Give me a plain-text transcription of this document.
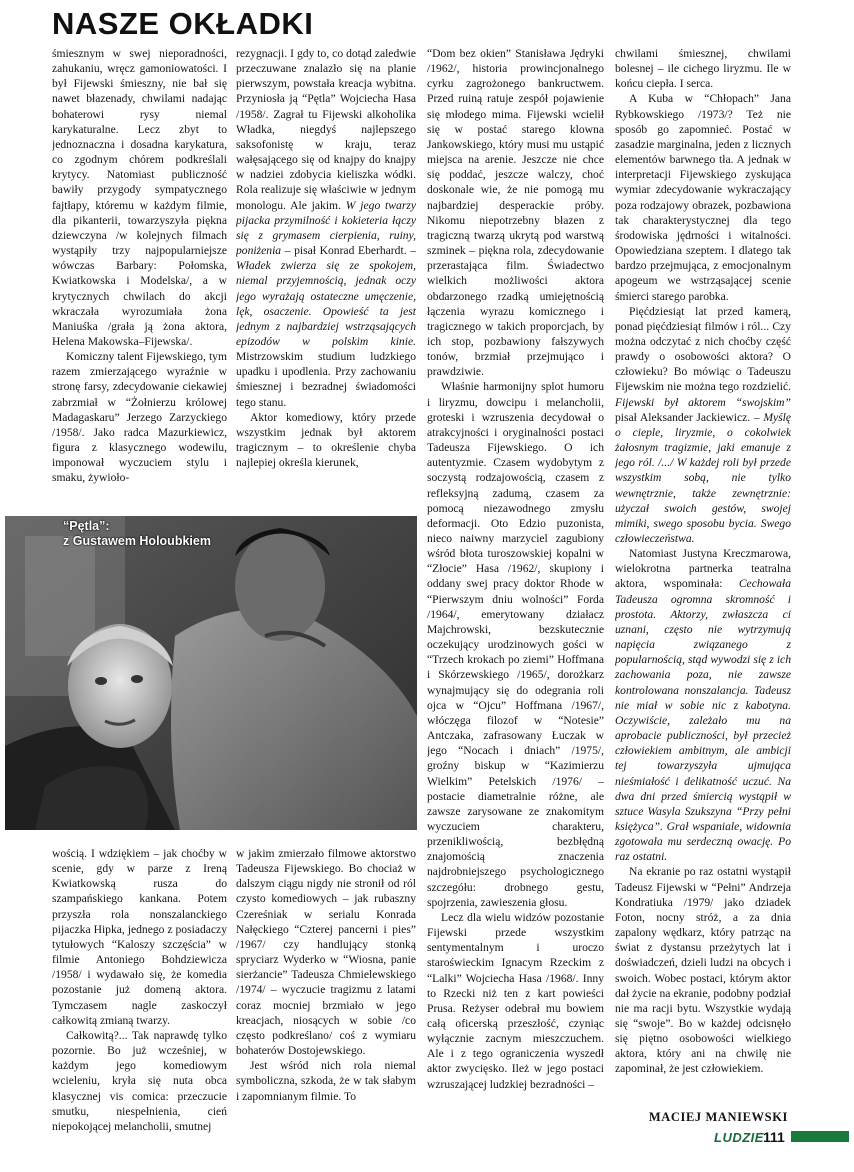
NASZE OKŁADKI

śmiesznym w swej nieporadności, zahukaniu, wręcz gamoniowatości. I był Fijewski śmieszny, nie bał się nawet błazenady, chwilami nadając bohaterowi rysy niemal karykaturalne. Lecz zbyt to jednoznaczna i dosadna karykatura, co zgodnym chórem podkreślali krytycy. Natomiast publiczność bawiły przygody sympatycznego fajtłapy, któremu w każdym filmie, dla pikanterii, towarzyszyła piękna dziewczyna /w kolejnych filmach wystąpiły trzy najpopularniejsze wówczas Barbary: Połomska, Kwiatkowska i Modelska/, a w krytycznych chwilach do akcji wkraczała wyrozumiała żona Maniuśka /grała ją żona aktora, Helena Makowska–Fijewska/.

Komiczny talent Fijewskiego, tym razem zmierzającego wyraźnie w stronę farsy, zdecydowanie ciekawiej zabrzmiał w “Żołnierzu królowej Madagaskaru” Jerzego Zarzyckiego /1958/. Jako radca Mazurkiewicz, figura z klasycznego wodewilu, imponował wyczuciem stylu i smaku, żywioło-

rezygnacji. I gdy to, co dotąd zaledwie przeczuwane znalazło się na planie pierwszym, powstała kreacja wybitna. Przyniosła ją “Pętla” Wojciecha Hasa /1958/. Zagrał tu Fijewski alkoholika Władka, niegdyś najlepszego saksofonistę w kraju, teraz wałęsającego się od knajpy do knajpy w nadziei zdobycia kieliszka wódki. Rola realizuje się właściwie w jednym monologu. Ale jakim. W jego twarzy pijacka przymilność i kokieteria łączy się z grymasem cierpienia, ruiny, poniżenia – pisał Konrad Eberhardt. – Władek zwierza się ze spokojem, niemal przyjemnością, jednak oczy jego wyrażają ostateczne umęczenie, lęk, osaczenie. Opowieść ta jest jednym z najbardziej wstrząsających epizodów w polskim kinie. Mistrzowskim studium ludzkiego upadku i upodlenia. Przy zachowaniu śmiesznej i bezradnej świadomości tego stanu.

Aktor komediowy, który przede wszystkim jednak był aktorem tragicznym – to określenie chyba najlepiej określa kierunek,

“Dom bez okien” Stanisława Jędryki /1962/, historia prowincjonalnego cyrku zagrożonego bankructwem. Przed ruiną ratuje zespół pojawienie się młodego mima. Fijewski wcielił się w postać starego klowna Jankowskiego, który musi mu ustąpić miejsca na arenie. Jeszcze nie chce się poddać, jeszcze walczy, choć doskonale wie, że nie pomogą mu najbardziej desperackie próby. Nikomu niepotrzebny błazen z tragiczną twarzą ukrytą pod warstwą szminek – piękna rola, zdecydowanie przerastająca film. Świadectwo wielkich możliwości aktora obdarzonego rzadką umiejętnością łączenia wyrazu komicznego i tragicznego w takich proporcjach, by ich stop, pozbawiony fałszywych tonów, brzmiał przejmująco i prawdziwie.

Właśnie harmonijny splot humoru i liryzmu, dowcipu i melancholii, groteski i wzruszenia decydował o atrakcyjności i oryginalności postaci Tadeusza Fijewskiego. O ich autentyzmie. Czasem wydobytym z soczystą rodzajowością, czasem z refleksyjną zadumą, czasem za pomocą niezawodnego zmysłu deformacji. Oto Edzio puzonista, nieco naiwny marzyciel zagubiony wśród błota turoszowskiej kopalni w “Złocie” Hasa /1962/, skupiony i oddany swej pracy doktor Rhode w “Pierwszym dniu wolności” Forda /1964/, emerytowany działacz Majchrowski, bezskutecznie oczekujący urodzinowych gości w “Trzech krokach po ziemi” Hoffmana i Skórzewskiego /1965/, dorożkarz wynajmujący się do odegrania roli ojca w “Ojcu” Hoffmana /1967/, włóczęga filozof w “Notesie” Antczaka, zafrasowany Łuczak w jego “Nocach i dniach” /1975/, groźny biskup w “Kazimierzu Wielkim” Petelskich /1976/ – postacie diametralnie różne, ale zawsze zarysowane ze znakomitym wyczuciem charakteru, przenikliwością, bezbłędną znajomością znaczenia najdrobniejszego psychologicznego szczegółu: drobnego gestu, spojrzenia, zawieszenia głosu.

Lecz dla wielu widzów pozostanie Fijewski przede wszystkim sentymentalnym i uroczo staroświeckim Ignacym Rzeckim z “Lalki” Wojciecha Hasa /1968/. Inny to Rzecki niż ten z kart powieści Prusa. Reżyser odebrał mu bowiem całą oficerską przeszłość, czyniąc wyłącznie zacnym mieszczuchem. Ale i z tego ograniczenia wyszedł aktor zwycięsko. Ileż w jego postaci wzruszającej ludzkiej bezradności –

chwilami śmiesznej, chwilami bolesnej – ile cichego liryzmu. Ile w końcu ciepła. I serca.

A Kuba w “Chłopach” Jana Rybkowskiego /1973/? Też nie sposób go zapomnieć. Postać w zasadzie marginalna, jeden z licznych elementów barwnego tła. A jednak w interpretacji Fijewskiego zyskująca wymiar zdecydowanie wykraczający poza rodzajowy obrazek, pozbawiona tak charakterystycznej dla tego środowiska jędrności i witalności. Opowiedziana szeptem. I dlatego tak bardzo przejmująca, z emocjonalnym apogeum we wstrząsającej scenie śmierci starego parobka.

Pięćdziesiąt lat przed kamerą, ponad pięćdziesiąt filmów i ról... Czy można odczytać z nich choćby część prawdy o osobowości aktora? O człowieku? Bo mówiąc o Tadeuszu Fijewskim nie można tego rozdzielić. Fijewski był aktorem “swojskim” pisał Aleksander Jackiewicz. – Myślę o cieple, liryzmie, o cokolwiek żałosnym tragizmie, jaki emanuje z jego ról. /.../ W każdej roli był przede wszystkim sobą, nie tylko wewnętrznie, także zewnętrznie: użyczał swoich gestów, swojej mimiki, swego sposobu bycia. Swego człowieczeństwa.

Natomiast Justyna Kreczmarowa, wielokrotna partnerka teatralna aktora, wspominała: Cechowała Tadeusza ogromna skromność i prostota. Aktorzy, zwłaszcza ci uznani, często nie wytrzymują napięcia związanego z popularnością, stąd wywodzi się z ich zachowania poza, nie zawsze kontrolowana nonszalancja. Tadeusz nie miał w sobie nic z kabotyna. Oczywiście, zależało mu na aprobacie publiczności, był przecież człowiekiem ambitnym, ale ambicji tej towarzyszyła ujmująca nieśmiałość i delikatność uczuć. Na dwa dni przed śmiercią wystąpił w sztuce Wasyla Szukszyna “Przy pełni księżyca”. Grał wspaniale, widownia zgotowała mu serdeczną owację. Po raz ostatni.

Na ekranie po raz ostatni wystąpił Tadeusz Fijewski w “Pełni” Andrzeja Kondratiuka /1979/ jako dziadek Foton, nocny stróż, a za dnia zapalony wędkarz, który patrząc na świat z dystansu przeżytych lat i doświadczeń, dzieli ludzi na obcych i swoich. Wobec postaci, którym aktor dał życie na ekranie, podobny podział nie ma racji bytu. Wszystkie wydają się “swoje”. Bo w każdej odcisnęło się piętno osobowości wielkiego aktora, który ani na chwilę nie zapominał, że jest człowiekiem.

“Pętla”:
z Gustawem Holoubkiem

wością. I wdziękiem – jak choćby w scenie, gdy w parze z Ireną Kwiatkowską rusza do szampańskiego kankana. Potem przyszła rola nonszalanckiego pijaczka Hipka, jednego z posiadaczy tytułowych “Kaloszy szczęścia” w filmie Antoniego Bohdziewicza /1958/ i wydawało się, że komedia pozostanie już domeną aktora. Tymczasem nagle zaskoczył całkowitą zmianą twarzy.

Całkowitą?... Tak naprawdę tylko pozornie. Bo już wcześniej, w każdym jego komediowym wcieleniu, kryła się nuta obca klasycznej vis comica: przeczucie smutku, niespełnienia, cień niepokojącej melancholii, smutnej

w jakim zmierzało filmowe aktorstwo Tadeusza Fijewskiego. Bo chociaż w dalszym ciągu nigdy nie stronił od ról czysto komediowych – jak rubaszny Czereśniak w serialu Konrada Nałęckiego “Czterej pancerni i pies” /1967/ czy handlujący stonką spryciarz Wyderko w “Wiosna, panie sierżancie” Tadeusza Chmielewskiego /1974/ – wyczucie tragizmu z latami coraz mocniej brzmiało w jego kreacjach, niosących w sobie /co często podkreślano/ coś z wymiaru bohaterów Dostojewskiego.

Jest wśród nich rola niemal symboliczna, szkoda, że w tak słabym i zapomnianym filmie. To

MACIEJ MANIEWSKI
LUDZIE 111
